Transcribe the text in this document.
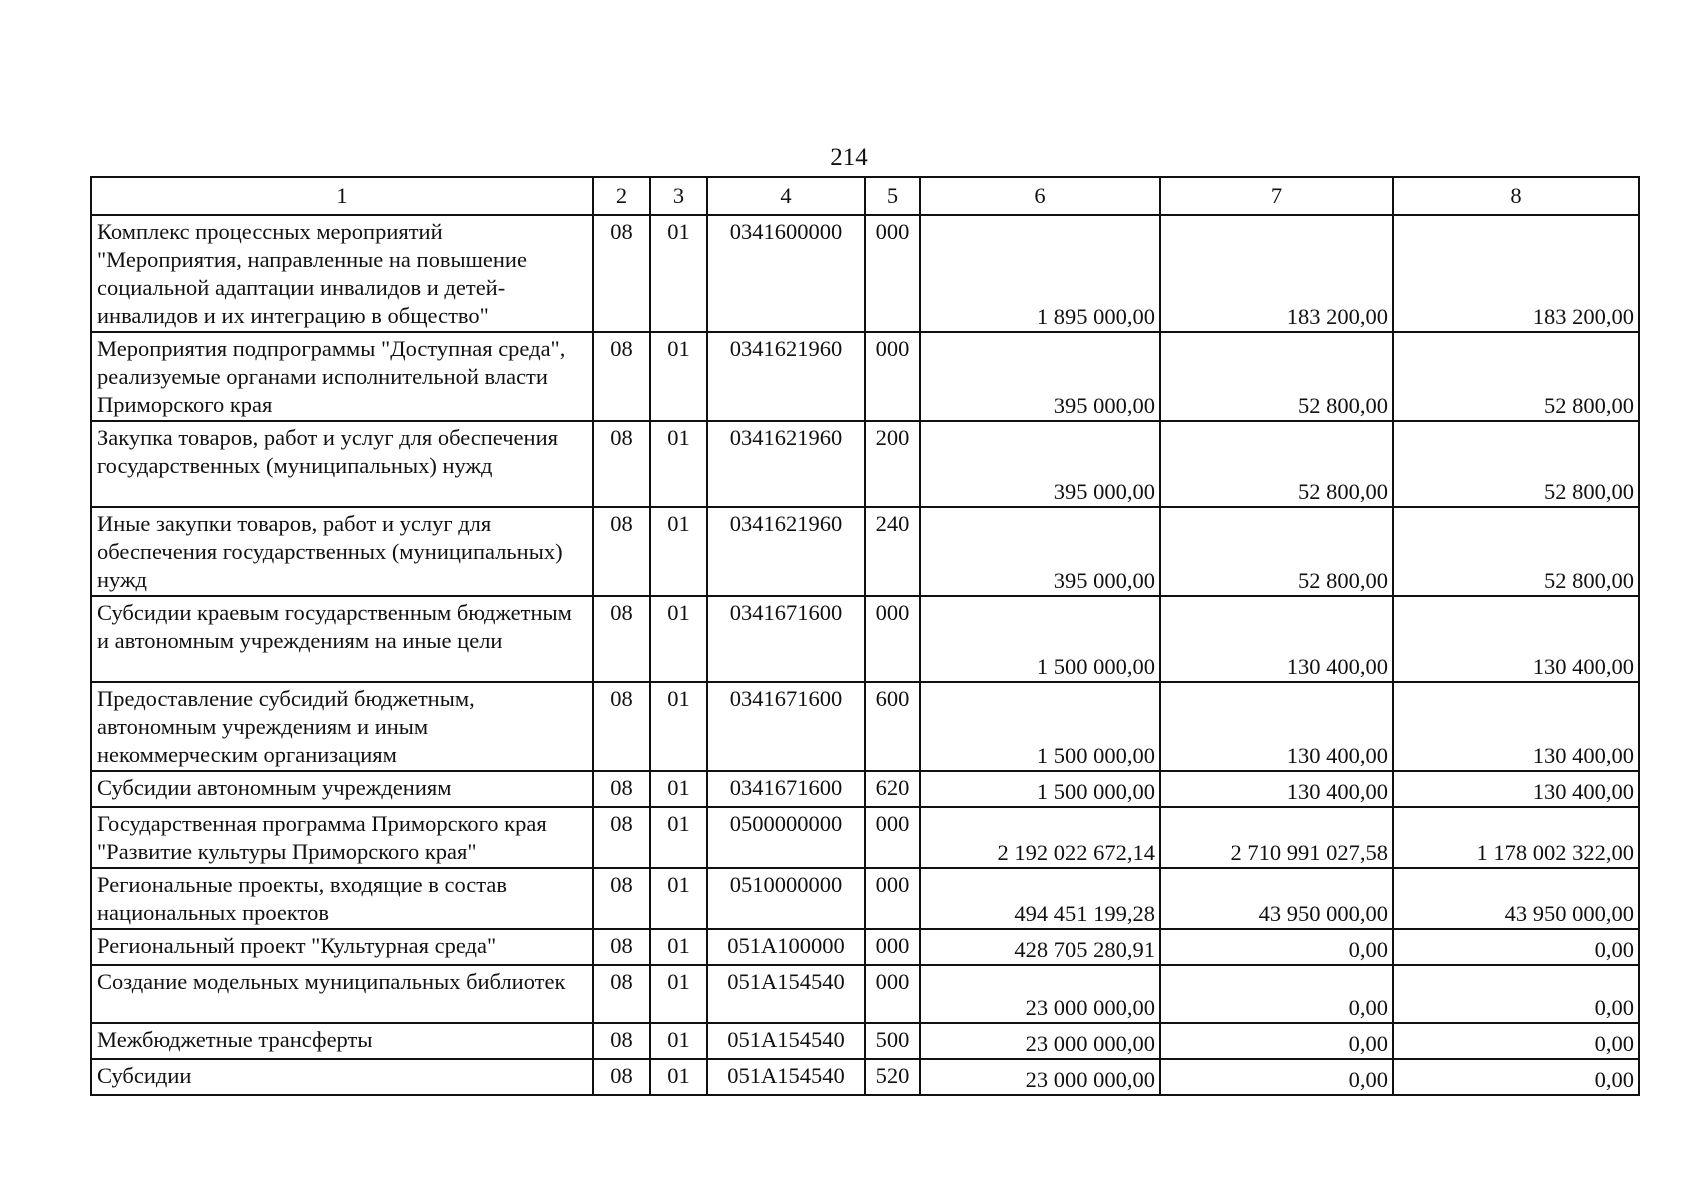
214
1	2	3	4	5	6	7	8
Комплекс процессных мероприятий "Мероприятия, направленные на повышение социальной адаптации инвалидов и детей-инвалидов и их интеграцию в общество"	08	01	0341600000	000	1 895 000,00	183 200,00	183 200,00
Мероприятия подпрограммы "Доступная среда", реализуемые органами исполнительной власти Приморского края	08	01	0341621960	000	395 000,00	52 800,00	52 800,00
Закупка товаров, работ и услуг для обеспечения государственных (муниципальных) нужд	08	01	0341621960	200	395 000,00	52 800,00	52 800,00
Иные закупки товаров, работ и услуг для обеспечения государственных (муниципальных) нужд	08	01	0341621960	240	395 000,00	52 800,00	52 800,00
Субсидии краевым государственным бюджетным и автономным учреждениям на иные цели	08	01	0341671600	000	1 500 000,00	130 400,00	130 400,00
Предоставление субсидий бюджетным, автономным учреждениям и иным некоммерческим организациям	08	01	0341671600	600	1 500 000,00	130 400,00	130 400,00
Субсидии автономным учреждениям	08	01	0341671600	620	1 500 000,00	130 400,00	130 400,00
Государственная программа Приморского края "Развитие культуры Приморского края"	08	01	0500000000	000	2 192 022 672,14	2 710 991 027,58	1 178 002 322,00
Региональные проекты, входящие в состав национальных проектов	08	01	0510000000	000	494 451 199,28	43 950 000,00	43 950 000,00
Региональный проект "Культурная среда"	08	01	051A100000	000	428 705 280,91	0,00	0,00
Создание модельных муниципальных библиотек	08	01	051A154540	000	23 000 000,00	0,00	0,00
Межбюджетные трансферты	08	01	051A154540	500	23 000 000,00	0,00	0,00
Субсидии	08	01	051A154540	520	23 000 000,00	0,00	0,00
